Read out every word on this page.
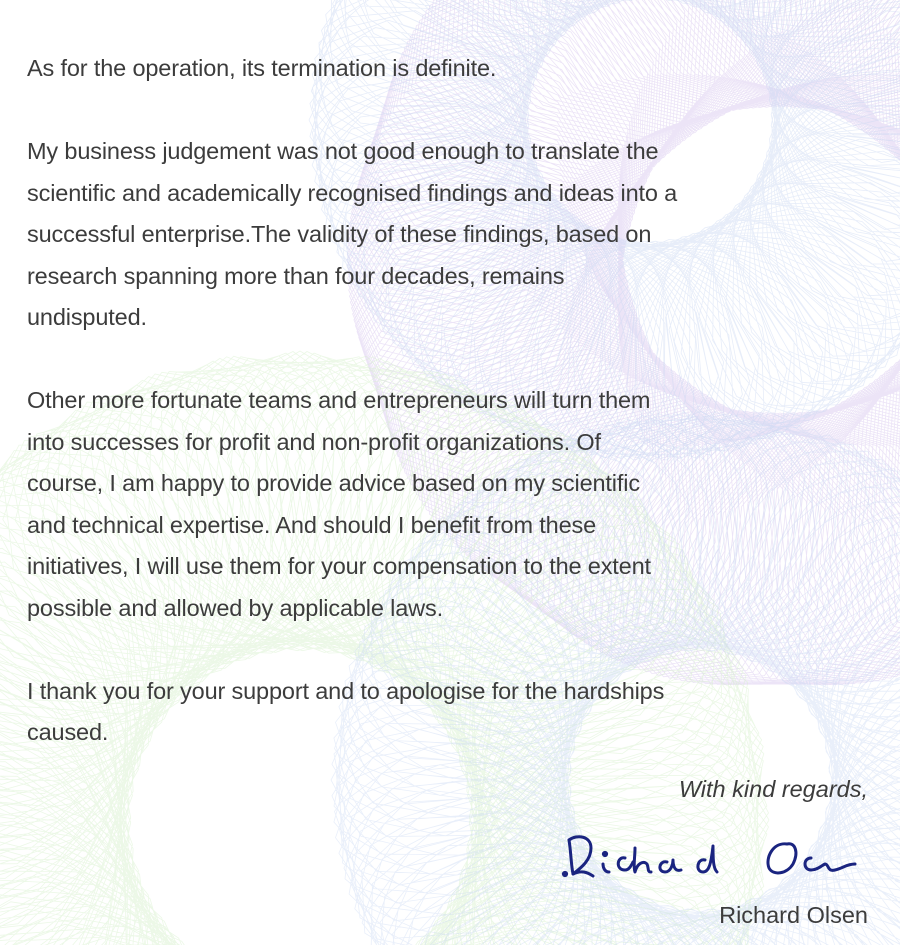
As for the operation, its termination is definite.

My business judgement was not good enough to translate the
scientific and academically recognised findings and ideas into a
successful enterprise.The validity of these findings, based on
research spanning more than four decades, remains
undisputed.

Other more fortunate teams and entrepreneurs will turn them
into successes for profit and non-profit organizations. Of
course, I am happy to provide advice based on my scientific
and technical expertise. And should I benefit from these
initiatives, I will use them for your compensation to the extent
possible and allowed by applicable laws.

I thank you for your support and to apologise for the hardships
caused.

With kind regards,
Richard Olsen
